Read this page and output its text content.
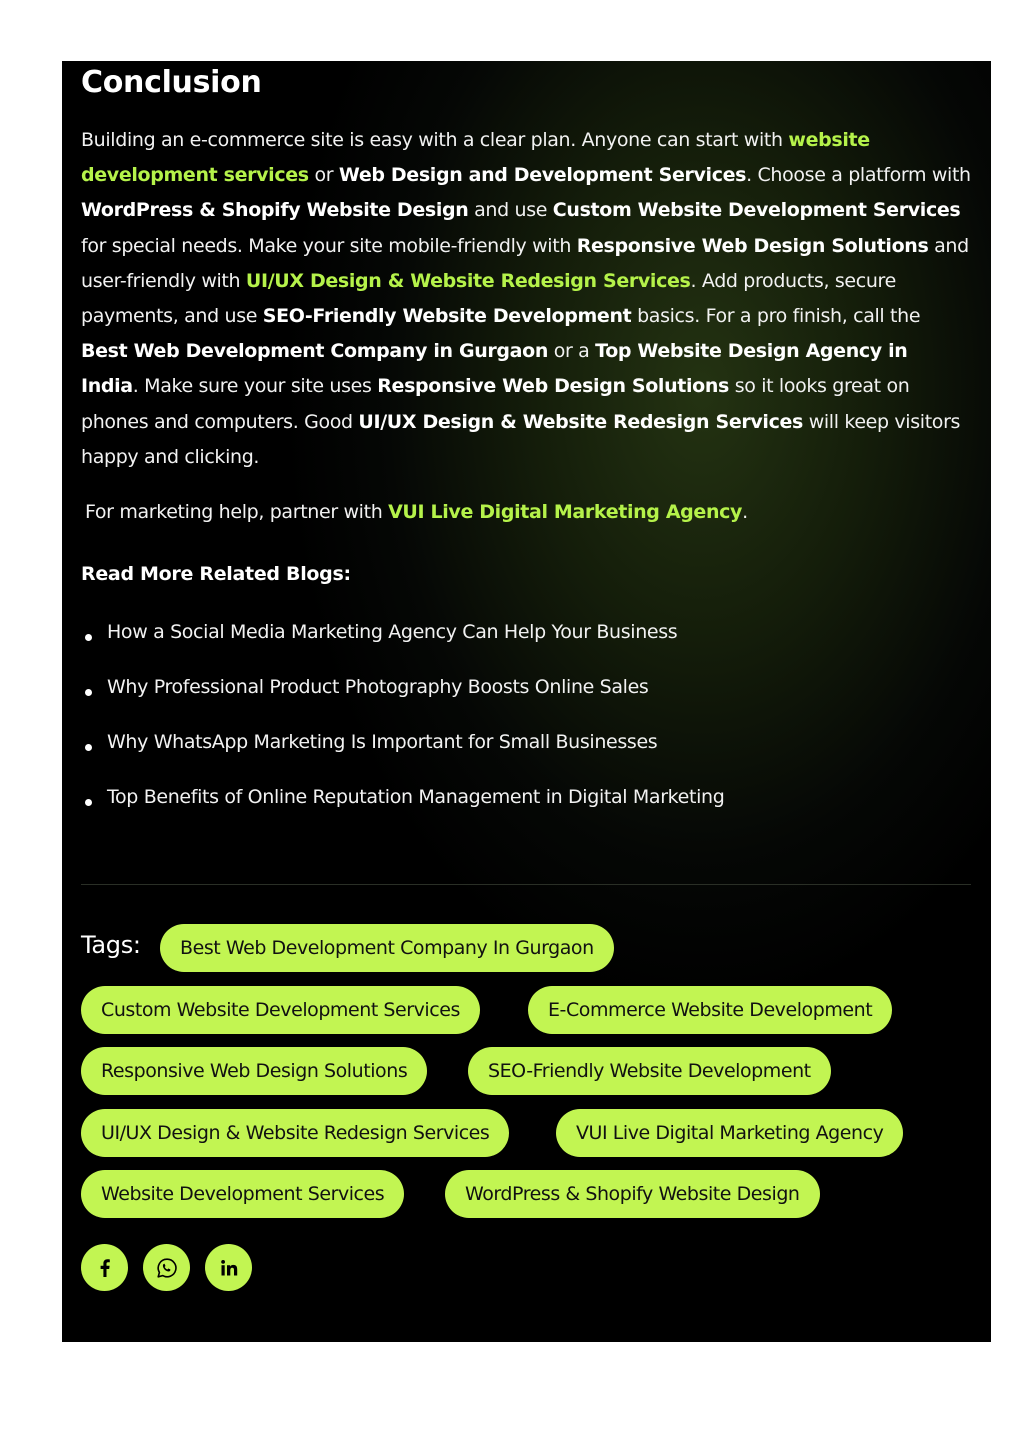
Conclusion
Building an e-commerce site is easy with a clear plan. Anyone can start with website development services or Web Design and Development Services. Choose a platform with WordPress & Shopify Website Design and use Custom Website Development Services for special needs. Make your site mobile-friendly with Responsive Web Design Solutions and user-friendly with UI/UX Design & Website Redesign Services. Add products, secure payments, and use SEO-Friendly Website Development basics. For a pro finish, call the Best Web Development Company in Gurgaon or a Top Website Design Agency in India. Make sure your site uses Responsive Web Design Solutions so it looks great on phones and computers. Good UI/UX Design & Website Redesign Services will keep visitors happy and clicking.
For marketing help, partner with VUI Live Digital Marketing Agency.
Read More Related Blogs:
How a Social Media Marketing Agency Can Help Your Business
Why Professional Product Photography Boosts Online Sales
Why WhatsApp Marketing Is Important for Small Businesses
Top Benefits of Online Reputation Management in Digital Marketing
Tags:	Best Web Development Company In Gurgaon
Custom Website Development Services	E-Commerce Website Development
Responsive Web Design Solutions	SEO-Friendly Website Development
UI/UX Design & Website Redesign Services	VUI Live Digital Marketing Agency
Website Development Services	WordPress & Shopify Website Design
